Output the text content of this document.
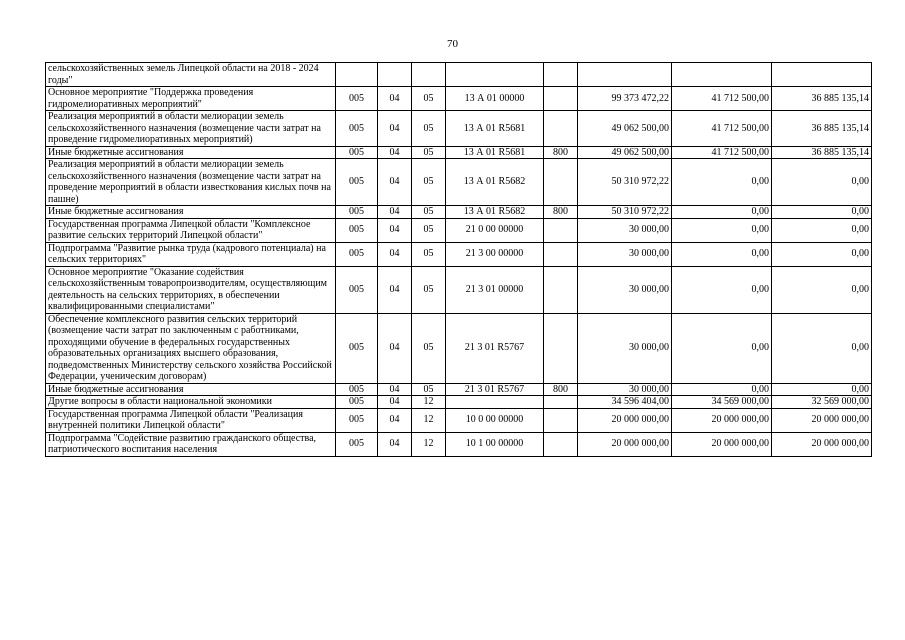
70
сельскохозяйственных земель Липецкой области на 2018 - 2024 годы"								
Основное мероприятие "Поддержка проведения гидромелиоративных мероприятий"	005	04	05	13 А 01 00000		99 373 472,22	41 712 500,00	36 885 135,14
Реализация мероприятий в области мелиорации земель сельскохозяйственного назначения (возмещение части затрат на проведение гидромелиоративных мероприятий)	005	04	05	13 А 01 R5681		49 062 500,00	41 712 500,00	36 885 135,14
Иные бюджетные ассигнования	005	04	05	13 А 01 R5681	800	49 062 500,00	41 712 500,00	36 885 135,14
Реализация мероприятий в области мелиорации земель сельскохозяйственного назначения (возмещение части затрат на проведение мероприятий в области известкования кислых почв на пашне)	005	04	05	13 А 01 R5682		50 310 972,22	0,00	0,00
Иные бюджетные ассигнования	005	04	05	13 А 01 R5682	800	50 310 972,22	0,00	0,00
Государственная программа Липецкой области "Комплексное развитие сельских территорий Липецкой области"	005	04	05	21 0 00 00000		30 000,00	0,00	0,00
Подпрограмма "Развитие рынка труда (кадрового потенциала) на сельских территориях"	005	04	05	21 3 00 00000		30 000,00	0,00	0,00
Основное мероприятие "Оказание содействия сельскохозяйственным товаропроизводителям, осуществляющим деятельность на сельских территориях, в обеспечении квалифицированными специалистами"	005	04	05	21 3 01 00000		30 000,00	0,00	0,00
Обеспечение комплексного развития сельских территорий (возмещение части затрат по заключенным с работниками, проходящими обучение в федеральных государственных образовательных организациях высшего образования, подведомственных Министерству сельского хозяйства Российской Федерации, ученическим договорам)	005	04	05	21 3 01 R5767		30 000,00	0,00	0,00
Иные бюджетные ассигнования	005	04	05	21 3 01 R5767	800	30 000,00	0,00	0,00
Другие вопросы в области национальной экономики	005	04	12			34 596 404,00	34 569 000,00	32 569 000,00
Государственная программа Липецкой области "Реализация внутренней политики Липецкой области"	005	04	12	10 0 00 00000		20 000 000,00	20 000 000,00	20 000 000,00
Подпрограмма "Содействие развитию гражданского общества, патриотического воспитания населения	005	04	12	10 1 00 00000		20 000 000,00	20 000 000,00	20 000 000,00
